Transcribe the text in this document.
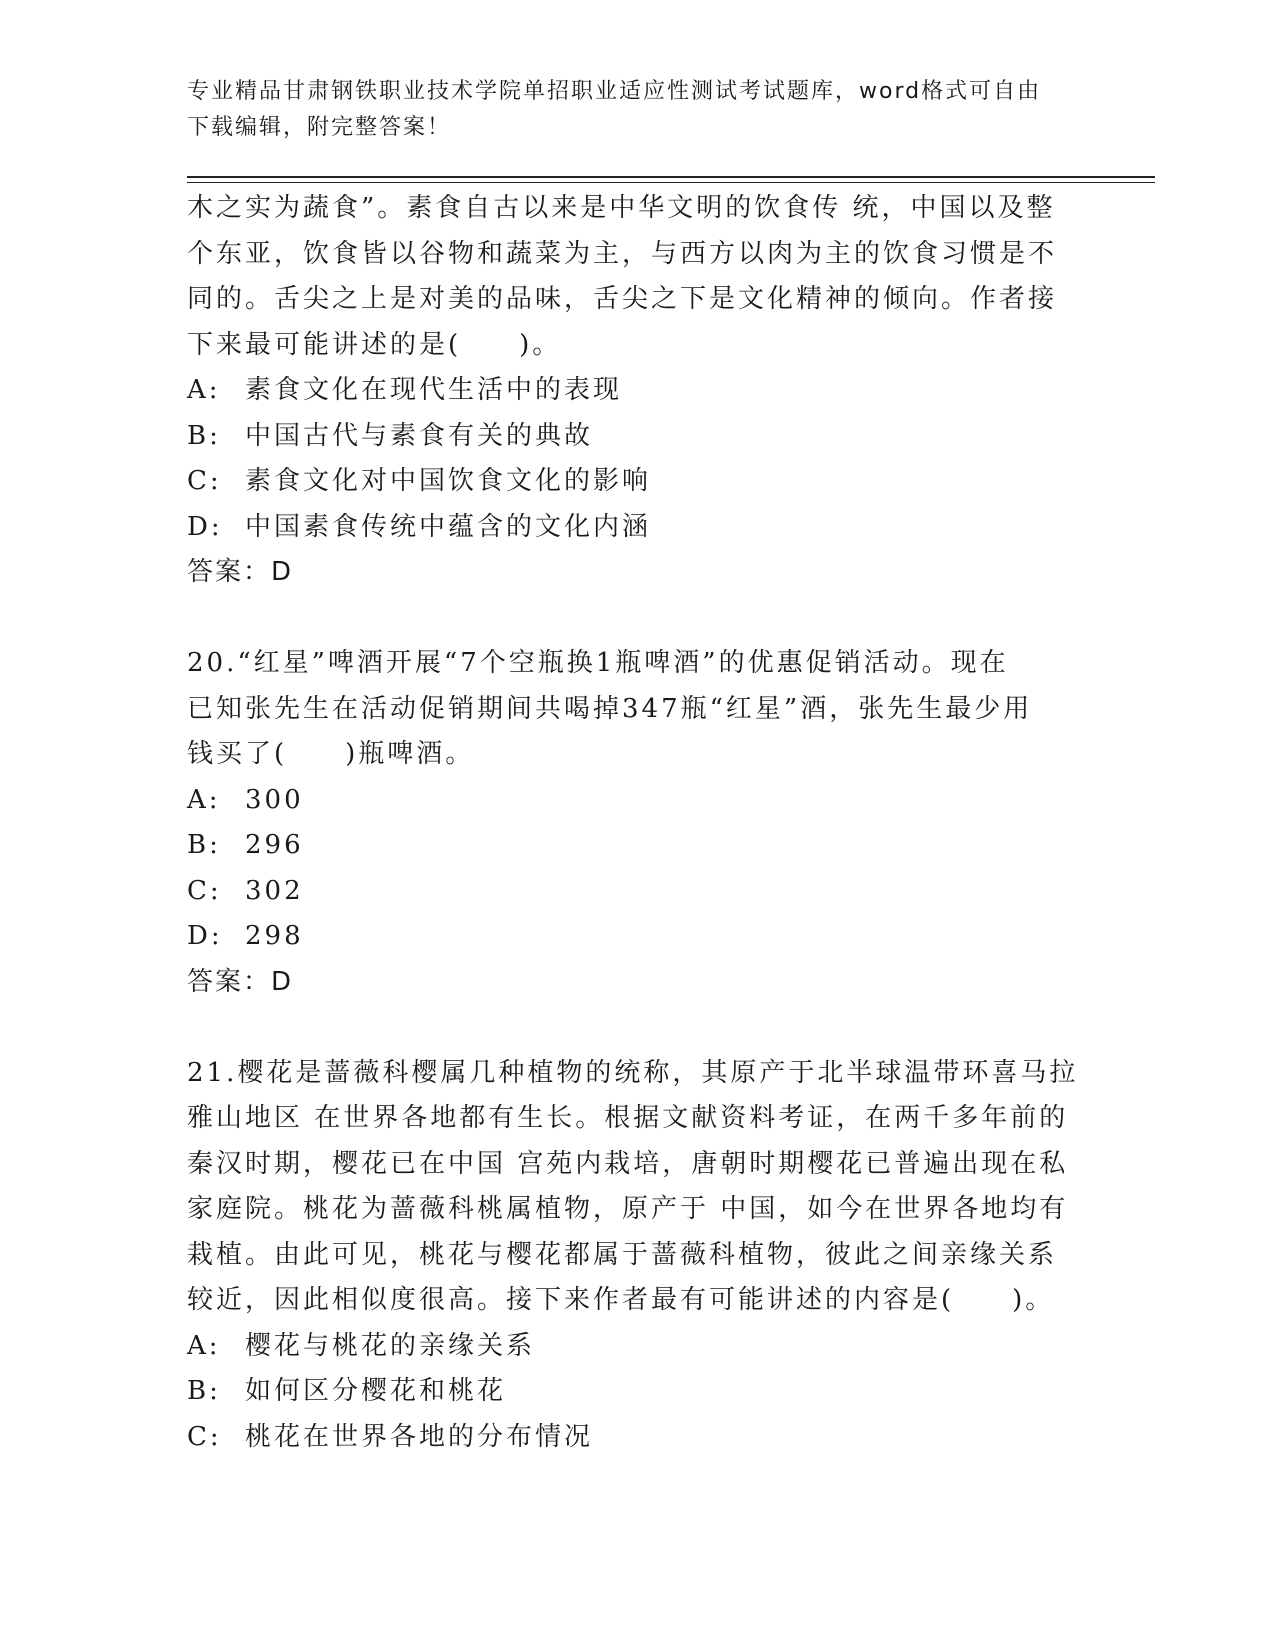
专业精品甘肃钢铁职业技术学院单招职业适应性测试考试题库，word格式可自由
下载编辑，附完整答案！

木之实为蔬食”。素食自古以来是中华文明的饮食传 统，中国以及整
个东亚，饮食皆以谷物和蔬菜为主，与西方以肉为主的饮食习惯是不
同的。舌尖之上是对美的品味，舌尖之下是文化精神的倾向。作者接
下来最可能讲述的是(　　)。

A: 素食文化在现代生活中的表现
B: 中国古代与素食有关的典故
C: 素食文化对中国饮食文化的影响
D: 中国素食传统中蕴含的文化内涵
答案：D

20.“红星”啤酒开展“7个空瓶换1瓶啤酒”的优惠促销活动。现在
已知张先生在活动促销期间共喝掉347瓶“红星”酒，张先生最少用
钱买了(　　)瓶啤酒。

A: 300
B: 296
C: 302
D: 298
答案：D

21.樱花是蔷薇科樱属几种植物的统称，其原产于北半球温带环喜马拉
雅山地区 在世界各地都有生长。根据文献资料考证，在两千多年前的
秦汉时期，樱花已在中国 宫苑内栽培，唐朝时期樱花已普遍出现在私
家庭院。桃花为蔷薇科桃属植物，原产于 中国，如今在世界各地均有
栽植。由此可见，桃花与樱花都属于蔷薇科植物，彼此之间亲缘关系
较近，因此相似度很高。接下来作者最有可能讲述的内容是(　　)。

A: 樱花与桃花的亲缘关系
B: 如何区分樱花和桃花
C: 桃花在世界各地的分布情况
